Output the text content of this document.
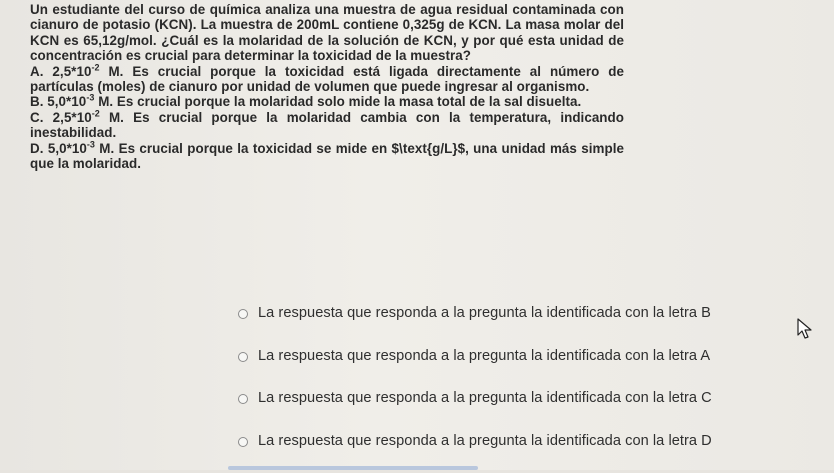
Un estudiante del curso de química analiza una muestra de agua residual contaminada con cianuro de potasio (KCN). La muestra de 200mL contiene 0,325g de KCN. La masa molar del KCN es 65,12g/mol. ¿Cuál es la molaridad de la solución de KCN, y por qué esta unidad de concentración es crucial para determinar la toxicidad de la muestra?

A. $2,5*10^{-2}$ M. Es crucial porque la toxicidad está ligada directamente al número de partículas (moles) de cianuro por unidad de volumen que puede ingresar al organismo.

B. $5,0*10^{-3}$ M. Es crucial porque la molaridad solo mide la masa total de la sal disuelta.

C. $2,5*10^{-2}$ M. Es crucial porque la molaridad cambia con la temperatura, indicando inestabilidad.

D. $5,0*10^{-3}$ M. Es crucial porque la toxicidad se mide en $\text{g/L}$, una unidad más simple que la molaridad.

La respuesta que responda a la pregunta la identificada con la letra B
La respuesta que responda a la pregunta la identificada con la letra A
La respuesta que responda a la pregunta la identificada con la letra C
La respuesta que responda a la pregunta la identificada con la letra D
